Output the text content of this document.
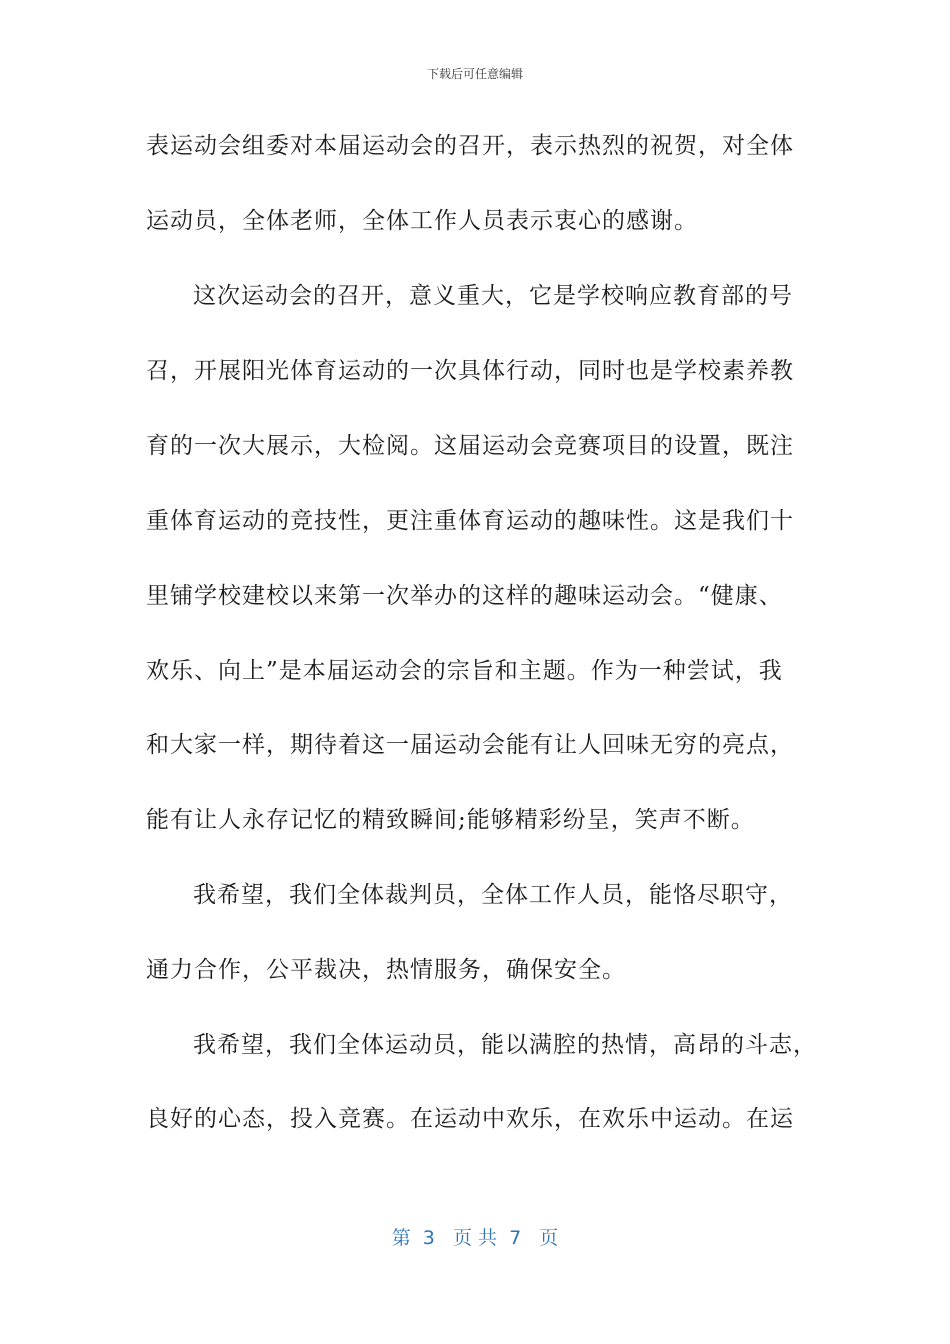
下载后可任意编辑
表运动会组委对本届运动会的召开，表示热烈的祝贺，对全体
运动员，全体老师，全体工作人员表示衷心的感谢。
这次运动会的召开，意义重大，它是学校响应教育部的号
召，开展阳光体育运动的一次具体行动，同时也是学校素养教
育的一次大展示，大检阅。这届运动会竞赛项目的设置，既注
重体育运动的竞技性，更注重体育运动的趣味性。这是我们十
里铺学校建校以来第一次举办的这样的趣味运动会。“健康、
欢乐、向上”是本届运动会的宗旨和主题。作为一种尝试，我
和大家一样，期待着这一届运动会能有让人回味无穷的亮点，
能有让人永存记忆的精致瞬间;能够精彩纷呈，笑声不断。
我希望，我们全体裁判员，全体工作人员，能恪尽职守，
通力合作，公平裁决，热情服务，确保安全。
我希望，我们全体运动员，能以满腔的热情，高昂的斗志，
良好的心态，投入竞赛。在运动中欢乐，在欢乐中运动。在运
第  3   页 共  7   页
